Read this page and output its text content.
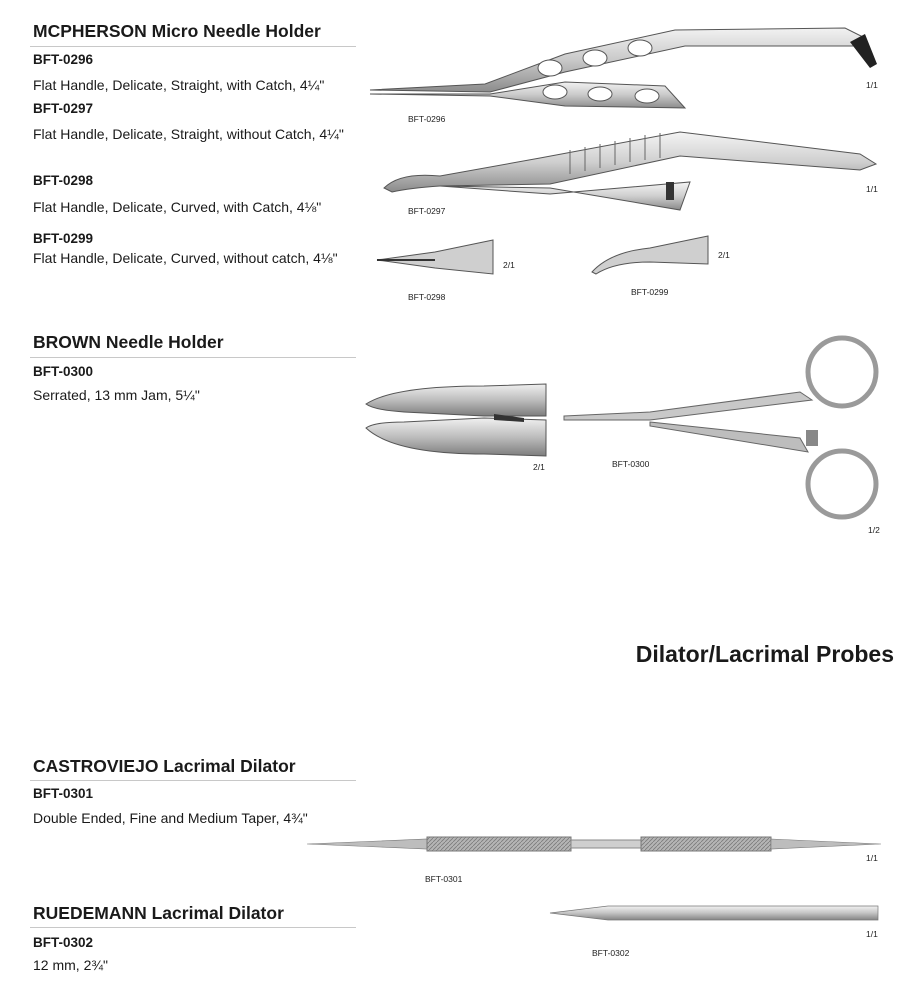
MCPHERSON Micro Needle Holder
BFT-0296
Flat Handle, Delicate, Straight, with Catch, 4¼"
BFT-0297
Flat Handle, Delicate, Straight, without Catch, 4¼"
BFT-0298
Flat Handle, Delicate, Curved, with Catch, 4⅛"
BFT-0299
Flat Handle, Delicate, Curved, without catch, 4⅛"
BFT-0296
1/1
BFT-0297
1/1
BFT-0298
2/1
BFT-0299
2/1
BROWN Needle Holder
BFT-0300
Serrated, 13 mm Jam, 5¼"
2/1	BFT-0300
1/2
Dilator/Lacrimal Probes
CASTROVIEJO Lacrimal Dilator
BFT-0301
Double Ended, Fine and Medium Taper, 4¾"
BFT-0301
1/1
RUEDEMANN Lacrimal Dilator
BFT-0302
12 mm, 2¾"
BFT-0302
1/1
